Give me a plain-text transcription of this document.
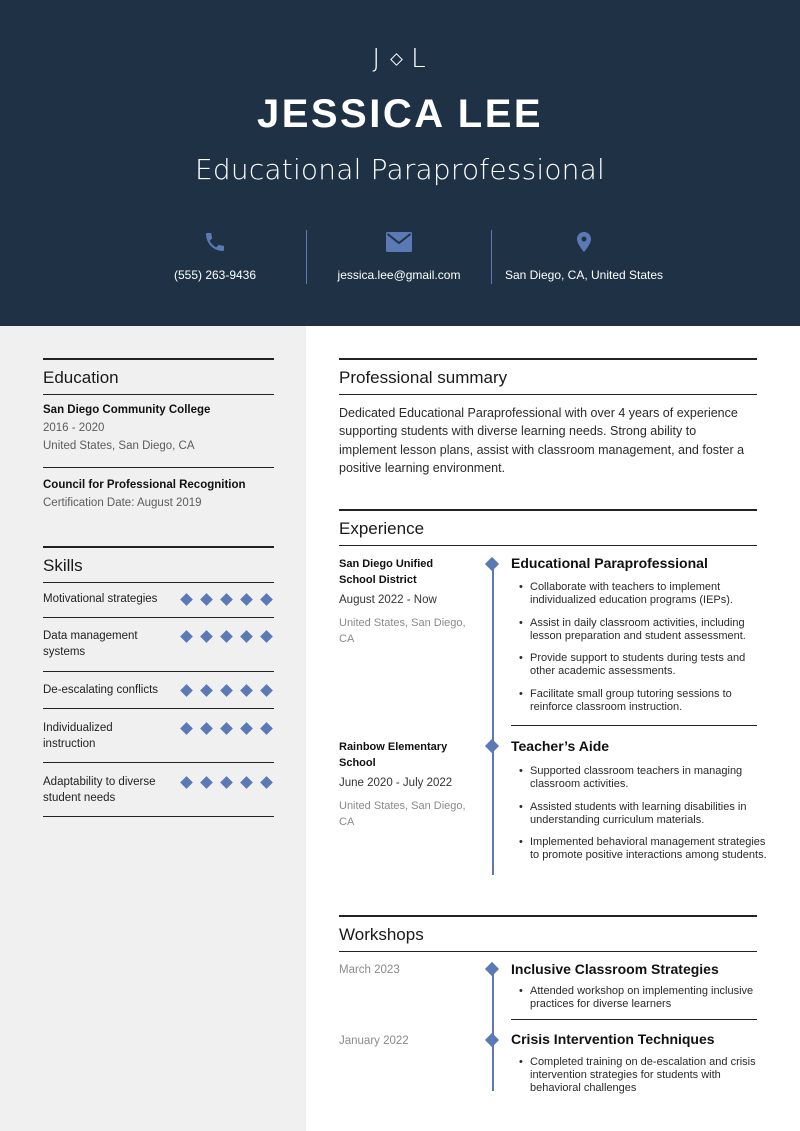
J L
JESSICA LEE
Educational Paraprofessional
(555) 263-9436	jessica.lee@gmail.com	San Diego, CA, United States
Education
San Diego Community College
2016 - 2020
United States, San Diego, CA
Council for Professional Recognition
Certification Date: August 2019
Skills
Motivational strategies
Data management systems
De-escalating conflicts
Individualized instruction
Adaptability to diverse student needs
Professional summary
Dedicated Educational Paraprofessional with over 4 years of experience supporting students with diverse learning needs. Strong ability to implement lesson plans, assist with classroom management, and foster a positive learning environment.
Experience
San Diego Unified School District
August 2022 - Now
United States, San Diego, CA
Educational Paraprofessional
• Collaborate with teachers to implement individualized education programs (IEPs).
• Assist in daily classroom activities, including lesson preparation and student assessment.
• Provide support to students during tests and other academic assessments.
• Facilitate small group tutoring sessions to reinforce classroom instruction.
Rainbow Elementary School
June 2020 - July 2022
United States, San Diego, CA
Teacher’s Aide
• Supported classroom teachers in managing classroom activities.
• Assisted students with learning disabilities in understanding curriculum materials.
• Implemented behavioral management strategies to promote positive interactions among students.
Workshops
March 2023	Inclusive Classroom Strategies
• Attended workshop on implementing inclusive practices for diverse learners
January 2022	Crisis Intervention Techniques
• Completed training on de-escalation and crisis intervention strategies for students with behavioral challenges
